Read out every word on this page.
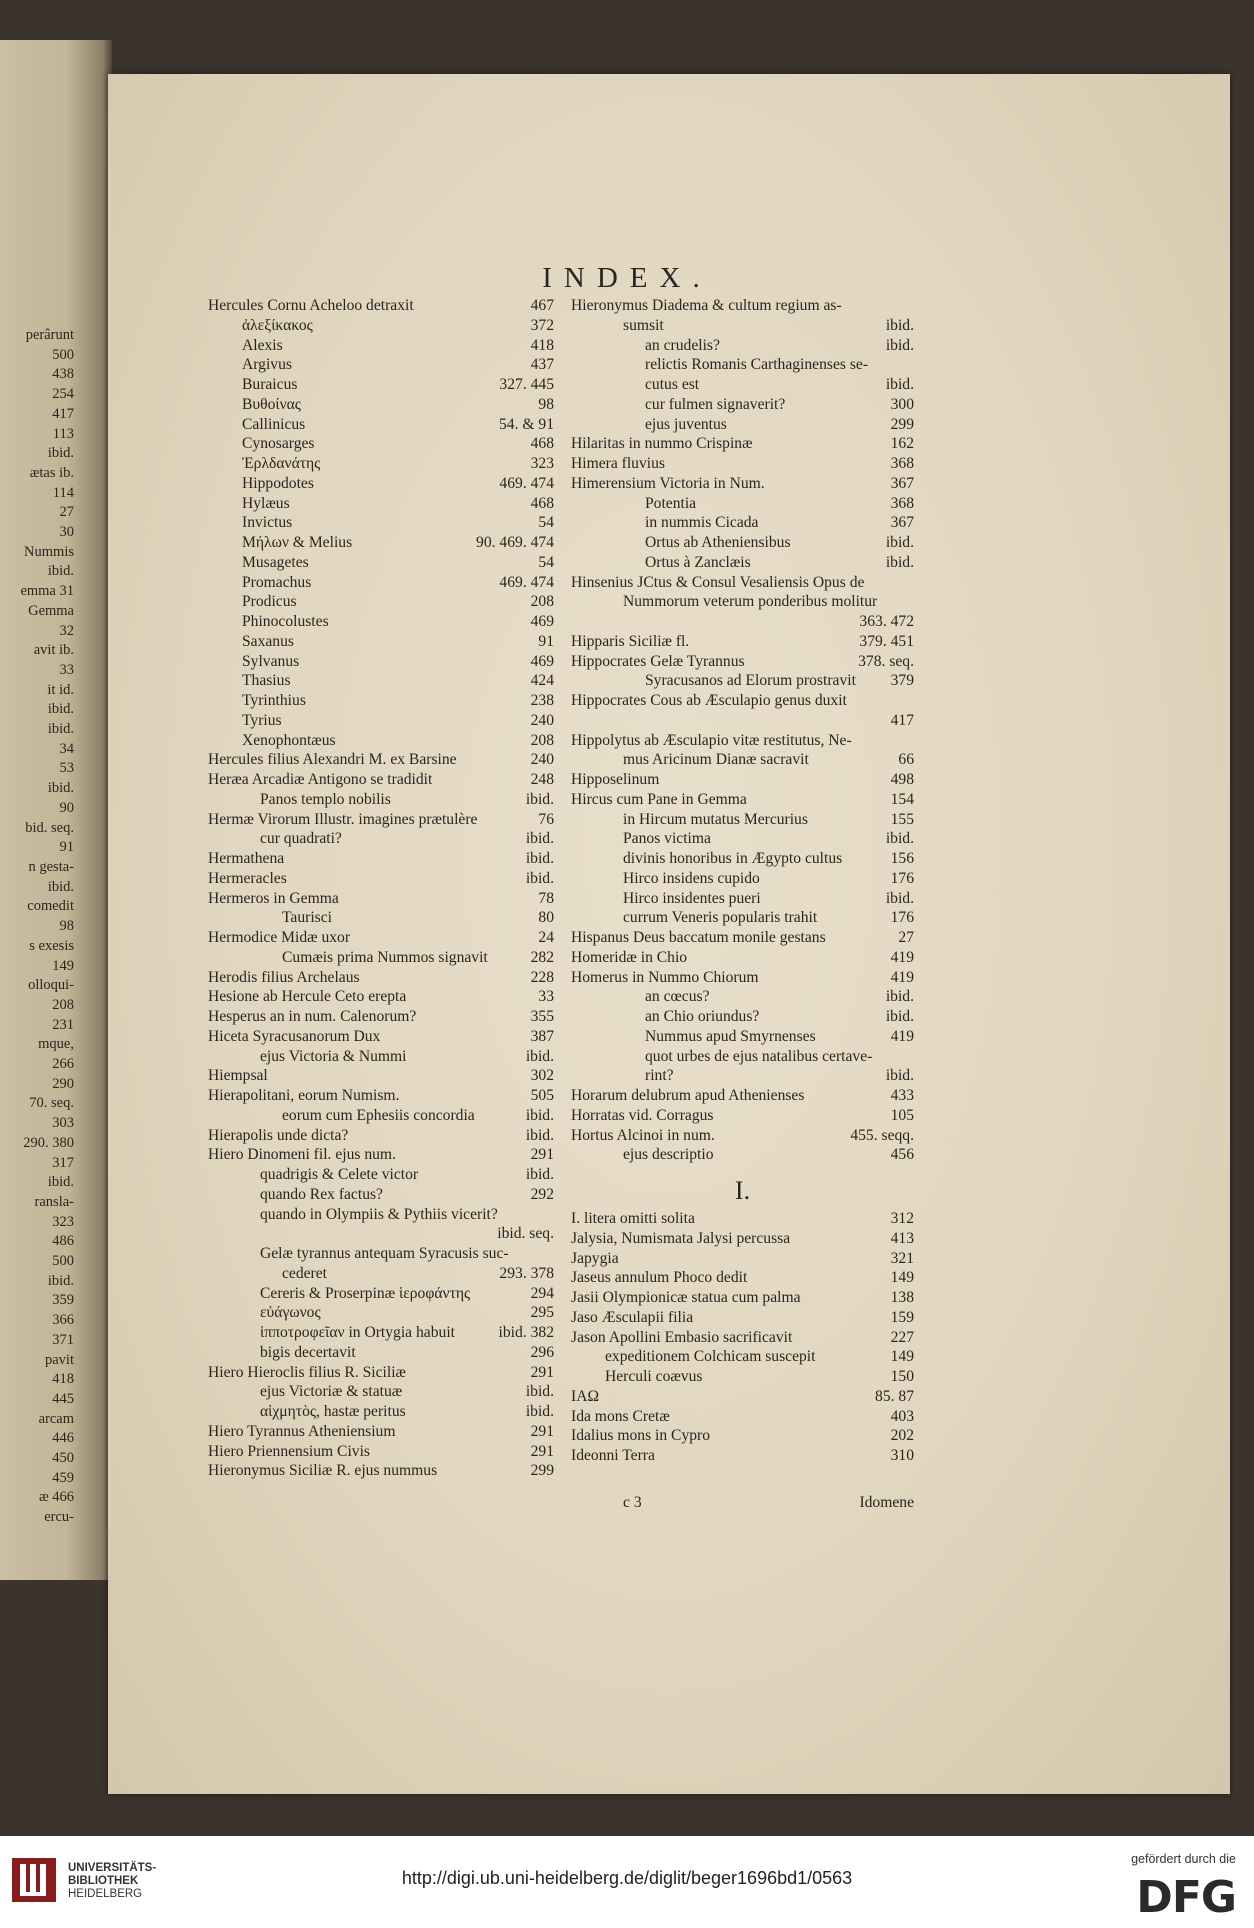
perârunt
500
438
254
417
113
ibid.
ætas ib.
114
27
30
Nummis
ibid.
emma 31
Gemma
32
avit ib.
33
it id.
ibid.
ibid.
34
53
ibid.
90
bid. seq.
91
n gesta-
ibid.
comedit
98
s exesis
149
olloqui-
208
231
mque,
266
290
70. seq.
303
290. 380
317
ibid.
ransla-
323
486
500
ibid.
359
366
371
pavit
418
445
arcam
446
450
459
æ 466
ercu-
INDEX.
Hercules Cornu Acheloo detraxit	467
ἀλεξίκακος	372
Alexis	418
Argivus	437
Buraicus	327. 445
Βυθοίνας	98
Callinicus	54. & 91
Cynosarges	468
Ἐρλδανάτης	323
Hippodotes	469. 474
Hylæus	468
Invictus	54
Μήλων & Melius	90. 469. 474
Musagetes	54
Promachus	469. 474
Prodicus	208
Phinocolustes	469
Saxanus	91
Sylvanus	469
Thasius	424
Tyrinthius	238
Tyrius	240
Xenophontæus	208
Hercules filius Alexandri M. ex Barsine	240
Heræa Arcadiæ Antigono se tradidit	248
Panos templo nobilis	ibid.
Hermæ Virorum Illustr. imagines prætulère	76
cur quadrati?	ibid.
Hermathena	ibid.
Hermeracles	ibid.
Hermeros in Gemma	78
Taurisci	80
Hermodice Midæ uxor	24
Cumæis prima Nummos signavit	282
Herodis filius Archelaus	228
Hesione ab Hercule Ceto erepta	33
Hesperus an in num. Calenorum?	355
Hiceta Syracusanorum Dux	387
ejus Victoria & Nummi	ibid.
Hiempsal	302
Hierapolitani, eorum Numism.	505
eorum cum Ephesiis concordia	ibid.
Hierapolis unde dicta?	ibid.
Hiero Dinomeni fil. ejus num.	291
quadrigis & Celete victor	ibid.
quando Rex factus?	292
quando in Olympiis & Pythiis vicerit?
ibid. seq.
Gelæ tyrannus antequam Syracusis suc-
cederet	293. 378
Cereris & Proserpinæ ἱεροφάντης	294
εὐάγωνος	295
ἱπποτροφεῖαν in Ortygia habuit	ibid. 382
bigis decertavit	296
Hiero Hieroclis filius R. Siciliæ	291
ejus Victoriæ & statuæ	ibid.
αἰχμητὸς, hastæ peritus	ibid.
Hiero Tyrannus Atheniensium	291
Hiero Priennensium Civis	291
Hieronymus Siciliæ R. ejus nummus	299
Hieronymus Diadema & cultum regium as-
sumsit	ibid.
an crudelis?	ibid.
relictis Romanis Carthaginenses se-
cutus est	ibid.
cur fulmen signaverit?	300
ejus juventus	299
Hilaritas in nummo Crispinæ	162
Himera fluvius	368
Himerensium Victoria in Num.	367
Potentia	368
in nummis Cicada	367
Ortus ab Atheniensibus	ibid.
Ortus à Zanclæis	ibid.
Hinsenius JCtus & Consul Vesaliensis Opus de
Nummorum veterum ponderibus molitur
363. 472
Hipparis Siciliæ fl.	379. 451
Hippocrates Gelæ Tyrannus	378. seq.
Syracusanos ad Elorum prostravit 379
Hippocrates Cous ab Æsculapio genus duxit
417
Hippolytus ab Æsculapio vitæ restitutus, Ne-
mus Aricinum Dianæ sacravit	66
Hipposelinum	498
Hircus cum Pane in Gemma	154
in Hircum mutatus Mercurius	155
Panos victima	ibid.
divinis honoribus in Ægypto cultus	156
Hirco insidens cupido	176
Hirco insidentes pueri	ibid.
currum Veneris popularis trahit	176
Hispanus Deus baccatum monile gestans	27
Homeridæ in Chio	419
Homerus in Nummo Chiorum	419
an cœcus?	ibid.
an Chio oriundus?	ibid.
Nummus apud Smyrnenses	419
quot urbes de ejus natalibus certave-
rint?	ibid.
Horarum delubrum apud Athenienses	433
Horratas vid. Corragus	105
Hortus Alcinoi in num.	455. seqq.
ejus descriptio	456
I.
I. litera omitti solita	312
Jalysia, Numismata Jalysi percussa	413
Japygia	321
Jaseus annulum Phoco dedit	149
Jasii Olympionicæ statua cum palma	138
Jaso Æsculapii filia	159
Jason Apollini Embasio sacrificavit	227
expeditionem Colchicam suscepit	149
Herculi coævus	150
ΙΑΩ	85. 87
Ida mons Cretæ	403
Idalius mons in Cypro	202
Ideonni Terra	310
c 3	Idomene
UNIVERSITÄTS-
BIBLIOTHEK
HEIDELBERG
http://digi.ub.uni-heidelberg.de/diglit/beger1696bd1/0563
gefördert durch die
DFG
